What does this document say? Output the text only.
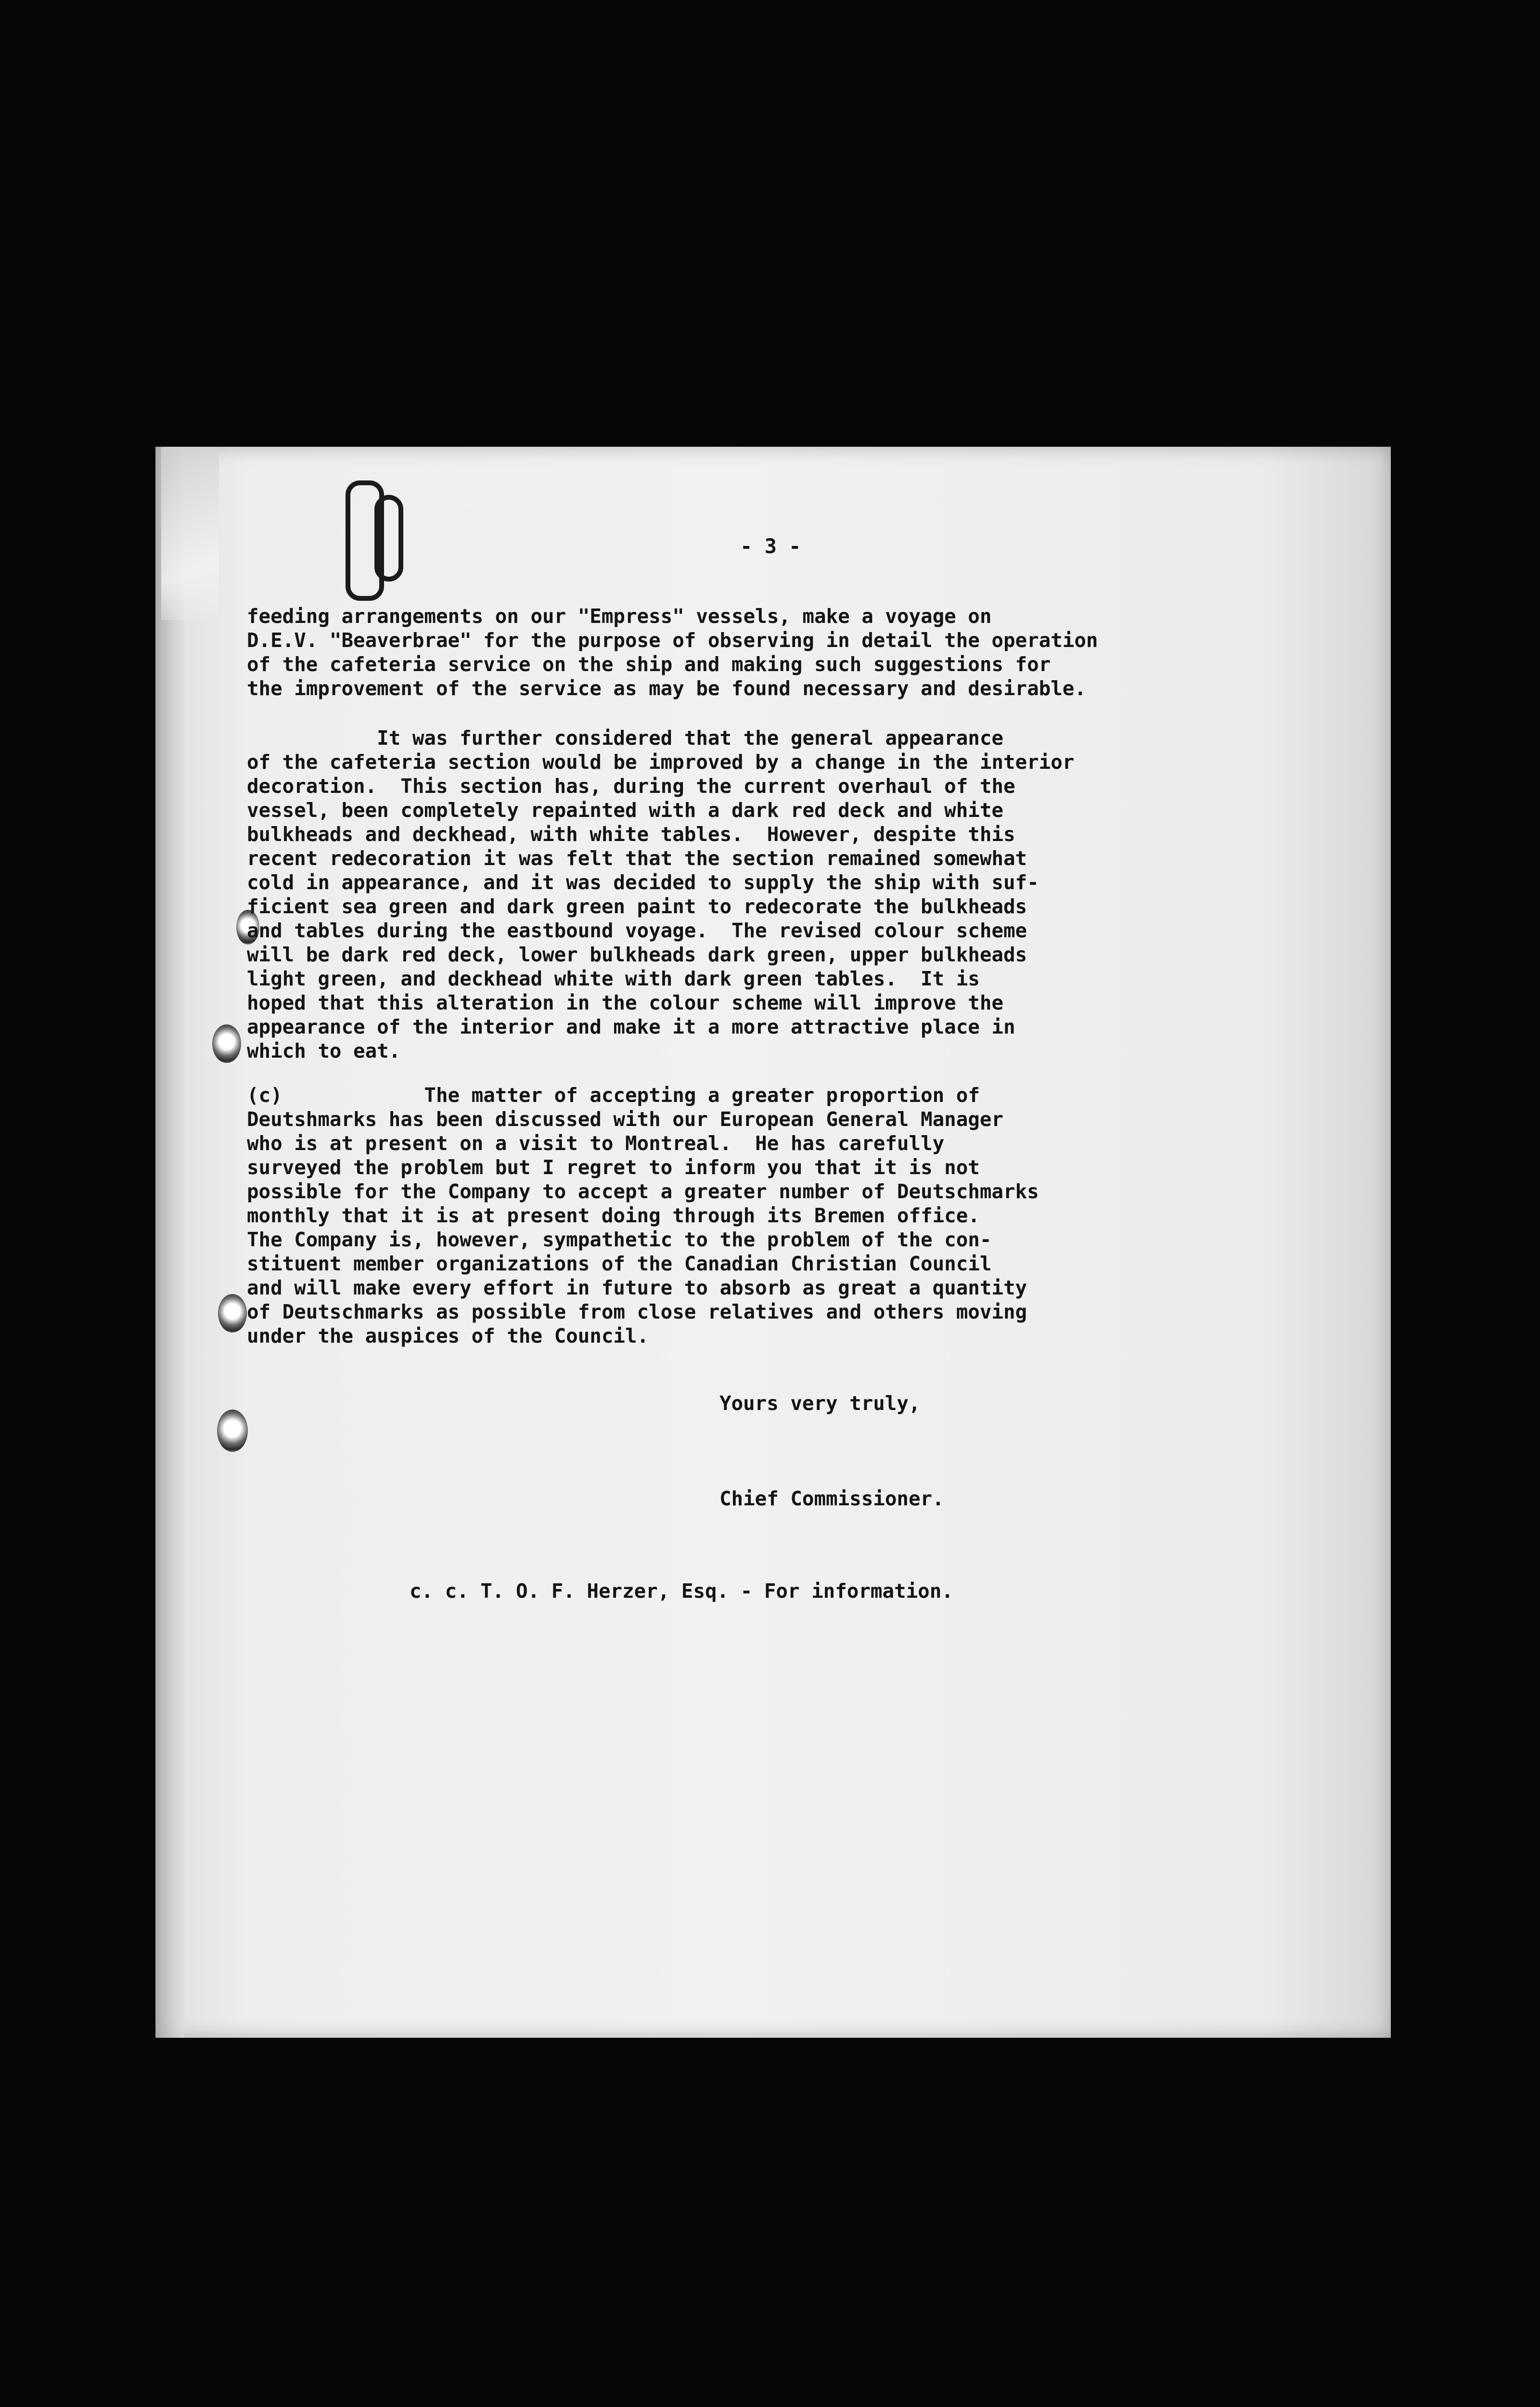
- 3 -
feeding arrangements on our "Empress" vessels, make a voyage on
D.E.V. "Beaverbrae" for the purpose of observing in detail the operation
of the cafeteria service on the ship and making such suggestions for
the improvement of the service as may be found necessary and desirable.
It was further considered that the general appearance
of the cafeteria section would be improved by a change in the interior
decoration.  This section has, during the current overhaul of the
vessel, been completely repainted with a dark red deck and white
bulkheads and deckhead, with white tables.  However, despite this
recent redecoration it was felt that the section remained somewhat
cold in appearance, and it was decided to supply the ship with suf-
ficient sea green and dark green paint to redecorate the bulkheads
and tables during the eastbound voyage.  The revised colour scheme
will be dark red deck, lower bulkheads dark green, upper bulkheads
light green, and deckhead white with dark green tables.  It is
hoped that this alteration in the colour scheme will improve the
appearance of the interior and make it a more attractive place in
which to eat.
(c)            The matter of accepting a greater proportion of
Deutshmarks has been discussed with our European General Manager
who is at present on a visit to Montreal.  He has carefully
surveyed the problem but I regret to inform you that it is not
possible for the Company to accept a greater number of Deutschmarks
monthly that it is at present doing through its Bremen office.
The Company is, however, sympathetic to the problem of the con-
stituent member organizations of the Canadian Christian Council
and will make every effort in future to absorb as great a quantity
of Deutschmarks as possible from close relatives and others moving
under the auspices of the Council.
Yours very truly,
Chief Commissioner.
c. c. T. O. F. Herzer, Esq. - For information.
